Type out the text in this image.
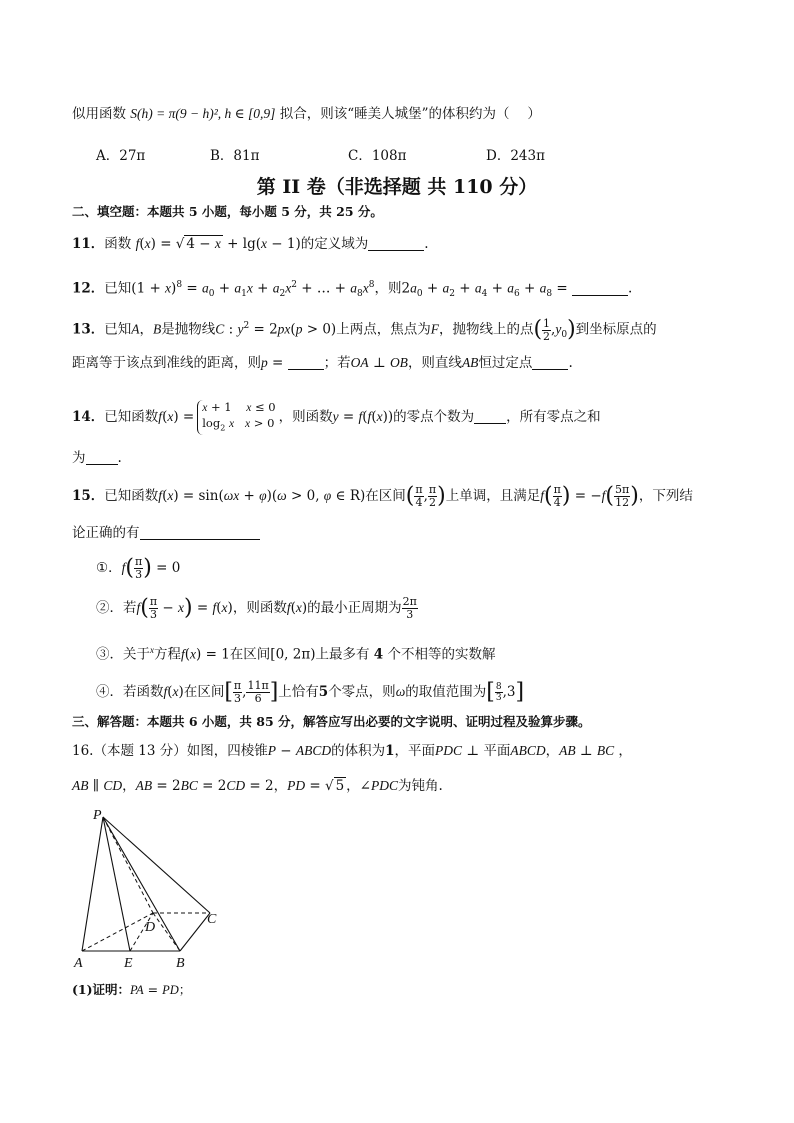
似用函数 S(h) = π(9 − h)², h ∈ [0,9] 拟合，则该“睡美人城堡”的体积约为（　 ）
A．27π	B．81π	C．108π	D．243π
第 II 卷（非选择题 共 110 分）
二、填空题：本题共 5 小题，每小题 5 分，共 25 分。
11．函数 f(x) = √ 4 − x + lg(x − 1)的定义域为	.
12．已知$(1 + x)^8 = a_0 + a_1x + a_2x^2$ + … + $a_8x^8$，则$2a_0 + a_2 + a_4 + a_6 + a_8$ =	.
13．已知A，B是抛物线C : $y^2 = 2px(p > 0)$上两点，焦点为F，抛物线上的点( $\frac{1}{2} ,y_0$)到坐标原点的
距离等于该点到准线的距离，则p =	；若OA ⊥ OB，则直线AB恒过定点	.
14．已知函数f(x) =x + 1    x ≤ 0
$\log_2 x$ x > 0 ，则函数y = f(f(x))的零点个数为 ，所有零点之和
为 .
15．已知函数f(x) = sin(ωx + φ)(ω > 0, φ ∈ R)在区间( $\frac{\pi}{4}$ , $\frac{\pi}{2}$ )上单调，且满足$f( \frac{\pi}{4}$ ) = $-f( \frac{5\pi}{12}$ )，下列结
论正确的有
①．$f( \frac{\pi}{3}$ ) = 0
②．若$f( \frac{\pi}{3} - x) = f(x)$，则函数f(x)的最小正周期为 $\frac{2\pi}{3}$
③．关于$^x$方程f(x) = 1在区间[0, 2π)上最多有 4 个不相等的实数解
④．若函数f(x)在区间[ $\frac{\pi}{3}$ , $\frac{11\pi}{6}$ ]上恰有5个零点，则ω的取值范围为[ $\frac{8}{3} ,3$]
三、解答题：本题共 6 小题，共 85 分，解答应写出必要的文字说明、证明过程及验算步骤。
16.（本题 13 分）如图，四棱锥P − ABCD的体积为1，平面PDC ⊥ 平面ABCD，AB ⊥ BC ，
AB ∥ CD，AB = 2BC = 2CD = 2，PD = √ 5 ，∠PDC为钝角.
P
C
D
A	E	B
(1)证明：PA = PD；
